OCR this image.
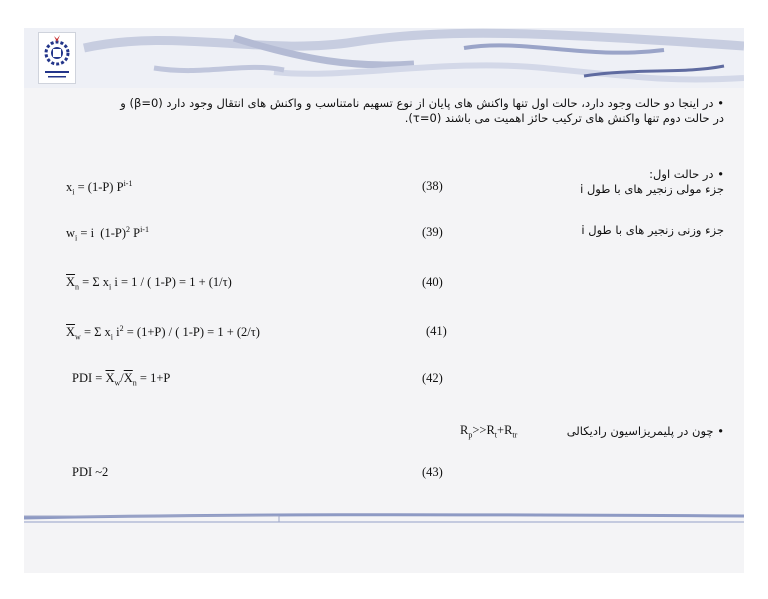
• در اینجا دو حالت وجود دارد، حالت اول تنها واکنش های پایان از نوع تسهیم نامتناسب و واکنش های انتقال وجود دارد (β=0) و
در حالت دوم تنها واکنش های ترکیب حائز اهمیت می باشند (τ=0).
• در حالت اول:
جزء مولی زنجیر های با طول i
جزء وزنی زنجیر های با طول i
$x_i = (1-P)$ $P^{i-1}$	(38)
$w_i = i$  $(1-P)^2$ $P^{i-1}$	(39)
$\overline{X}_n = \Sigma$ $x_i$ i = 1 / ( 1-P) = 1 + (1/τ)	(40)
$\overline{X}_w = \Sigma$ $x_i$ $i^2 = (1+P)$ / ( 1-P) = 1 + (2/τ)	(41)
PDI = $\overline{X}_w/\overline{X}_n = 1+P$	(42)
$R_p>>R_t+R_{tr}$	• چون در پلیمریزاسیون رادیکالی
PDI ~2	(43)
